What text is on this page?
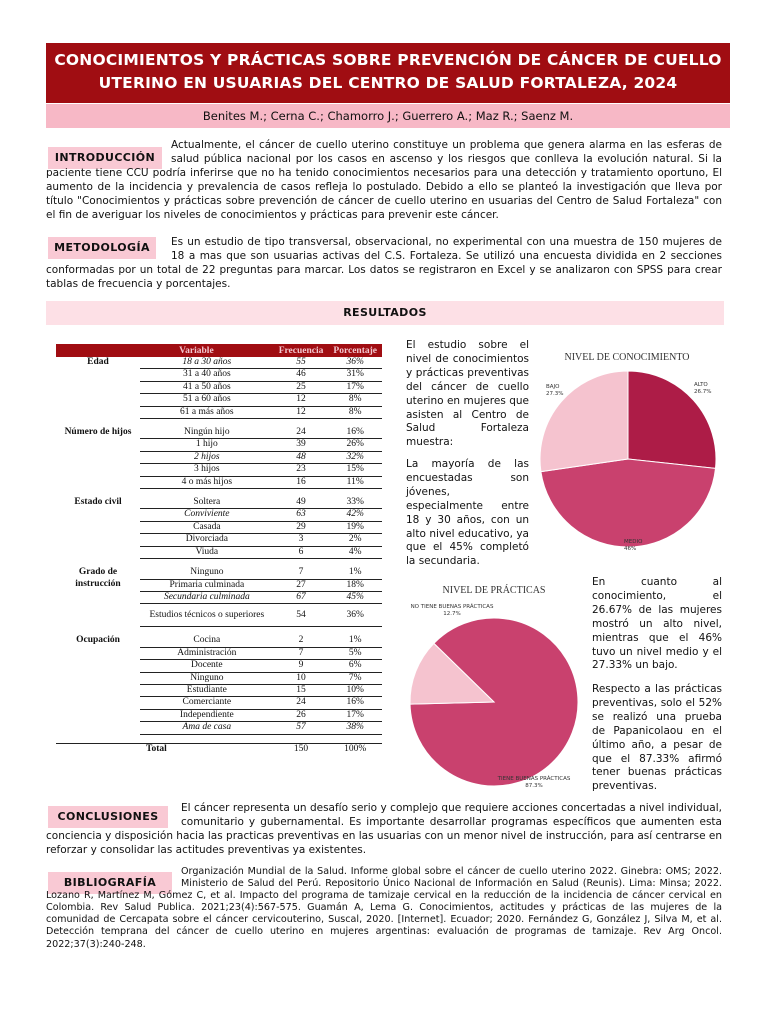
CONOCIMIENTOS Y PRÁCTICAS SOBRE PREVENCIÓN DE CÁNCER DE CUELLO
UTERINO EN USUARIAS DEL CENTRO DE SALUD FORTALEZA, 2024
Benites M.; Cerna C.; Chamorro J.; Guerrero A.; Maz R.; Saenz M.
INTRODUCCIÓN
Actualmente, el cáncer de cuello uterino constituye un problema que genera alarma en las esferas de salud pública nacional por los casos en ascenso y los riesgos que conlleva la evolución natural. Si la paciente tiene CCU podría inferirse que no ha tenido conocimientos necesarios para una detección y tratamiento oportuno, El aumento de la incidencia y prevalencia de casos refleja lo postulado. Debido a ello se planteó la investigación que lleva por título "Conocimientos y prácticas sobre prevención de cáncer de cuello uterino en usuarias del Centro de Salud Fortaleza" con el fin de averiguar los niveles de conocimientos y prácticas para prevenir este cáncer.
METODOLOGÍA	Es un estudio de tipo transversal, observacional, no experimental con una muestra de 150 mujeres de 18 a mas que son usuarias activas del C.S. Fortaleza. Se utilizó una encuesta dividida en 2 secciones conformadas por un total de 22 preguntas para marcar. Los datos se registraron en Excel y se analizaron con SPSS para crear tablas de frecuencia y porcentajes.
RESULTADOS
Variable		Frecuencia	Porcentaje
Edad	18 a 30 años	55	36%
	31 a 40 años	46	31%
	41 a 50 años	25	17%
	51 a 60 años	12	8%
	61 a más años	12	8%

Número de hijos	Ningún hijo	24	16%
	1 hijo	39	26%
	2 hijos	48	32%
	3 hijos	23	15%
	4 o más hijos	16	11%

Estado civil	Soltera	49	33%
	Conviviente	63	42%
	Casada	29	19%
	Divorciada	3	2%
	Viuda	6	4%

Grado de instrucción	Ninguno	7	1%
	Primaria culminada	27	18%
	Secundaria culminada	67	45%
	Estudios técnicos o superiores	54	36%

Ocupación	Cocina	2	1%
	Administración	7	5%
	Docente	9	6%
	Ninguno	10	7%
	Estudiante	15	10%
	Comerciante	24	16%
	Independiente	26	17%
	Ama de casa	57	38%

Total		150	100%
El estudio sobre el nivel de conocimientos y prácticas preventivas del cáncer de cuello uterino en mujeres que asisten al Centro de Salud Fortaleza muestra:
La mayoría de las encuestadas son jóvenes, especialmente entre 18 y 30 años, con un alto nivel educativo, ya que el 45% completó la secundaria.
NIVEL DE CONOCIMIENTO
ALTO
26.7%
MEDIO
46%
BAJO
27.3%
NIVEL DE PRÁCTICAS
TIENE BUENAS PRÁCTICAS
87.3%
NO TIENE BUENAS PRÁCTICAS
12.7%
En cuanto al conocimiento, el 26.67% de las mujeres mostró un alto nivel, mientras que el 46% tuvo un nivel medio y el 27.33% un bajo.
Respecto a las prácticas preventivas, solo el 52% se realizó una prueba de Papanicolaou en el último año, a pesar de que el 87.33% afirmó tener buenas prácticas preventivas.
CONCLUSIONES
El cáncer representa un desafío serio y complejo que requiere acciones concertadas a nivel individual, comunitario y gubernamental. Es importante desarrollar programas específicos que aumenten esta conciencia y disposición hacia las practicas preventivas en las usuarias con un menor nivel de instrucción, para así centrarse en reforzar y consolidar las actitudes preventivas ya existentes.
BIBLIOGRAFÍA
Organización Mundial de la Salud. Informe global sobre el cáncer de cuello uterino 2022. Ginebra: OMS; 2022. Ministerio de Salud del Perú. Repositorio Único Nacional de Información en Salud (Reunis). Lima: Minsa; 2022. Lozano R, Martínez M, Gómez C, et al. Impacto del programa de tamizaje cervical en la reducción de la incidencia de cáncer cervical en Colombia. Rev Salud Publica. 2021;23(4):567-575. Guamán A, Lema G. Conocimientos, actitudes y prácticas de las mujeres de la comunidad de Cercapata sobre el cáncer cervicouterino, Suscal, 2020. [Internet]. Ecuador; 2020. Fernández G, González J, Silva M, et al. Detección temprana del cáncer de cuello uterino en mujeres argentinas: evaluación de programas de tamizaje. Rev Arg Oncol. 2022;37(3):240-248.
